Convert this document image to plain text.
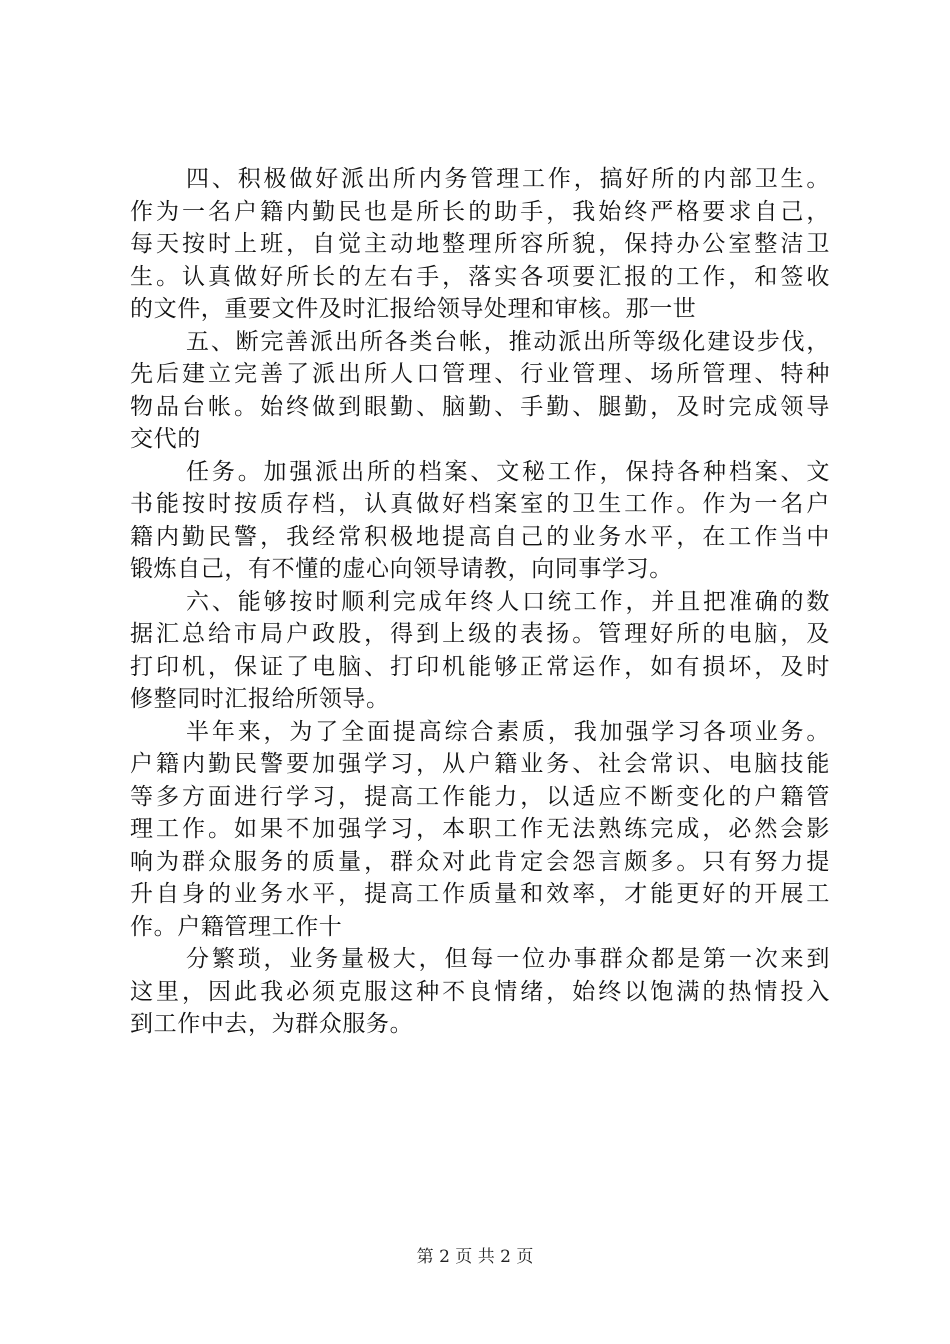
四、积极做好派出所内务管理工作，搞好所的内部卫生。
作为一名户籍内勤民也是所长的助手，我始终严格要求自己，
每天按时上班，自觉主动地整理所容所貌，保持办公室整洁卫
生。认真做好所长的左右手，落实各项要汇报的工作，和签收
的文件，重要文件及时汇报给领导处理和审核。那一世
五、断完善派出所各类台帐，推动派出所等级化建设步伐，
先后建立完善了派出所人口管理、行业管理、场所管理、特种
物品台帐。始终做到眼勤、脑勤、手勤、腿勤，及时完成领导
交代的
任务。加强派出所的档案、文秘工作，保持各种档案、文
书能按时按质存档，认真做好档案室的卫生工作。作为一名户
籍内勤民警，我经常积极地提高自己的业务水平，在工作当中
锻炼自己，有不懂的虚心向领导请教，向同事学习。
六、能够按时顺利完成年终人口统工作，并且把准确的数
据汇总给市局户政股，得到上级的表扬。管理好所的电脑，及
打印机，保证了电脑、打印机能够正常运作，如有损坏，及时
修整同时汇报给所领导。
半年来，为了全面提高综合素质，我加强学习各项业务。
户籍内勤民警要加强学习，从户籍业务、社会常识、电脑技能
等多方面进行学习，提高工作能力，以适应不断变化的户籍管
理工作。如果不加强学习，本职工作无法熟练完成，必然会影
响为群众服务的质量，群众对此肯定会怨言颇多。只有努力提
升自身的业务水平，提高工作质量和效率，才能更好的开展工
作。户籍管理工作十
分繁琐，业务量极大，但每一位办事群众都是第一次来到
这里，因此我必须克服这种不良情绪，始终以饱满的热情投入
到工作中去，为群众服务。
第 2 页 共 2 页
